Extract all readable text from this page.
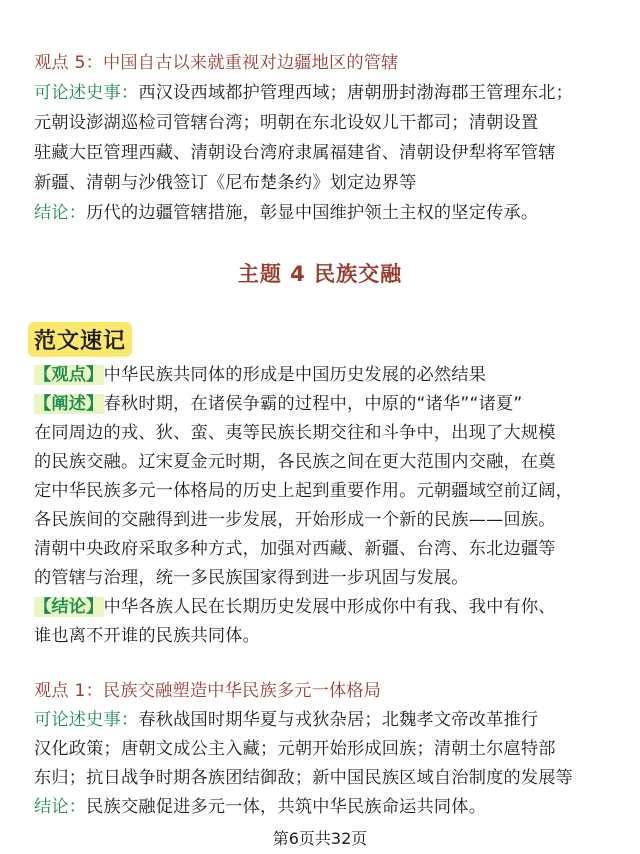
观点 5：中国自古以来就重视对边疆地区的管辖
可论述史事：西汉设西域都护管理西域；唐朝册封渤海郡王管理东北；
元朝设澎湖巡检司管辖台湾；明朝在东北设奴儿干都司；清朝设置
驻藏大臣管理西藏、清朝设台湾府隶属福建省、清朝设伊犁将军管辖
新疆、清朝与沙俄签订《尼布楚条约》划定边界等
结论：历代的边疆管辖措施，彰显中国维护领土主权的坚定传承。
主题 4 民族交融
范文速记
【观点】中华民族共同体的形成是中国历史发展的必然结果
【阐述】春秋时期，在诸侯争霸的过程中，中原的“诸华”“诸夏”
在同周边的戎、狄、蛮、夷等民族长期交往和斗争中，出现了大规模
的民族交融。辽宋夏金元时期，各民族之间在更大范围内交融，在奠
定中华民族多元一体格局的历史上起到重要作用。元朝疆域空前辽阔，
各民族间的交融得到进一步发展，开始形成一个新的民族——回族。
清朝中央政府采取多种方式，加强对西藏、新疆、台湾、东北边疆等
的管辖与治理，统一多民族国家得到进一步巩固与发展。
【结论】中华各族人民在长期历史发展中形成你中有我、我中有你、
谁也离不开谁的民族共同体。
观点 1：民族交融塑造中华民族多元一体格局
可论述史事：春秋战国时期华夏与戎狄杂居；北魏孝文帝改革推行
汉化政策；唐朝文成公主入藏；元朝开始形成回族；清朝土尔扈特部
东归；抗日战争时期各族团结御敌；新中国民族区域自治制度的发展等
结论：民族交融促进多元一体，共筑中华民族命运共同体。
第6页共32页
